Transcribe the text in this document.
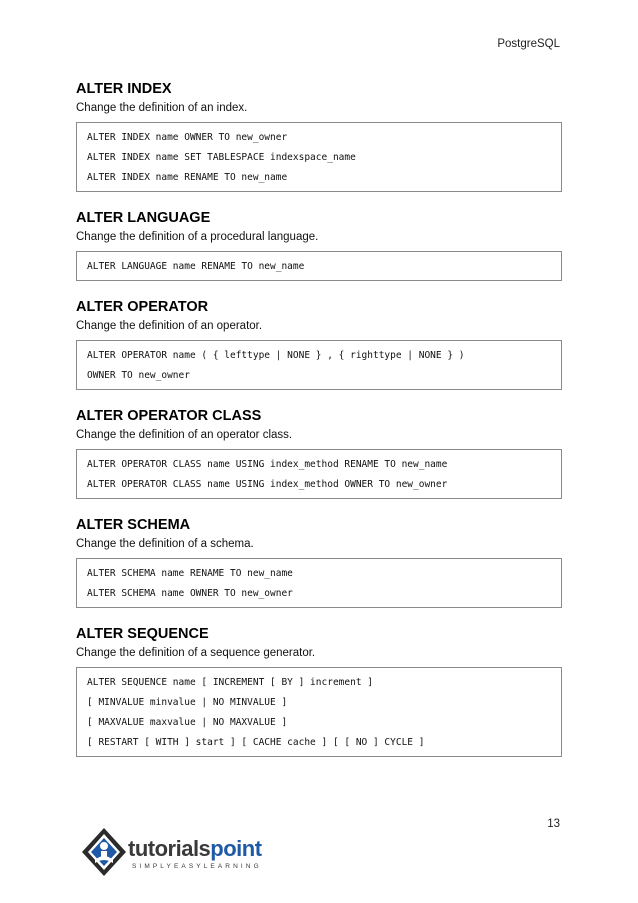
PostgreSQL
ALTER INDEX
Change the definition of an index.
ALTER INDEX name OWNER TO new_owner
ALTER INDEX name SET TABLESPACE indexspace_name
ALTER INDEX name RENAME TO new_name
ALTER LANGUAGE
Change the definition of a procedural language.
ALTER LANGUAGE name RENAME TO new_name
ALTER OPERATOR
Change the definition of an operator.
ALTER OPERATOR name ( { lefttype | NONE } , { righttype | NONE } )
OWNER TO new_owner
ALTER OPERATOR CLASS
Change the definition of an operator class.
ALTER OPERATOR CLASS name USING index_method RENAME TO new_name
ALTER OPERATOR CLASS name USING index_method OWNER TO new_owner
ALTER SCHEMA
Change the definition of a schema.
ALTER SCHEMA name RENAME TO new_name
ALTER SCHEMA name OWNER TO new_owner
ALTER SEQUENCE
Change the definition of a sequence generator.
ALTER SEQUENCE name [ INCREMENT [ BY ] increment ]
[ MINVALUE minvalue | NO MINVALUE ]
[ MAXVALUE maxvalue | NO MAXVALUE ]
[ RESTART [ WITH ] start ] [ CACHE cache ] [ [ NO ] CYCLE ]
13
tutorialspoint
SIMPLYEASYLEARNING
